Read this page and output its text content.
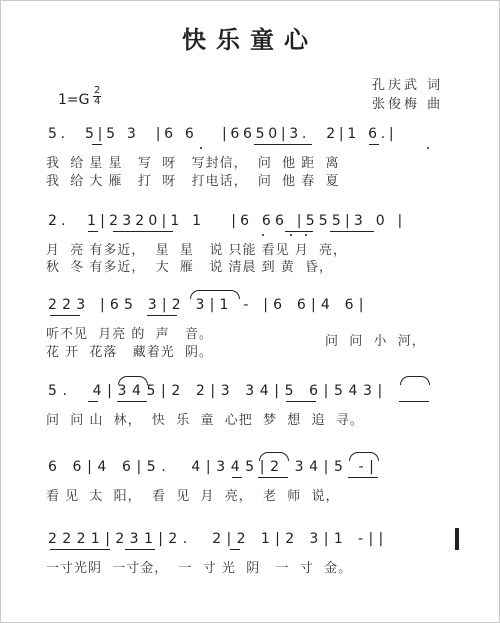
快乐童心
孔庆武 词
张俊梅 曲
1=G
2
4
5.  5|5 3  |6 6   |6650|3.  2|1 6.|
我  给 星 星   写  呀   写封信，  问  他 距  离
我  给 大 雁   打  呀   打电话，  问  他 春  夏
2.  1|2320|1 1   |6 66 |555|3 0 |
月  亮 有多近，  星  星   说 只能 看见 月  亮，
秋  冬 有多近，  大  雁   说 清晨 到 黄  昏，
223 |65 3|2 3|1 - |6 6|4 6|
听不见  月亮 的  声   音。
花 开  花落   藏着光  阴。
问  问  小  河，
5.  4|345|2 2|3 34|5 6|543|
问  问 山  林，  快  乐  童  心把  梦  想  追  寻。
6 6|4 6|5.  4|345|2 34|5 -|
看 见  太  阳，  看  见  月  亮，  老  师  说，
2221|231|2.  2|2 1|2 3|1 -||
一寸光阴  一寸金，  一  寸 光  阴   一  寸  金。
